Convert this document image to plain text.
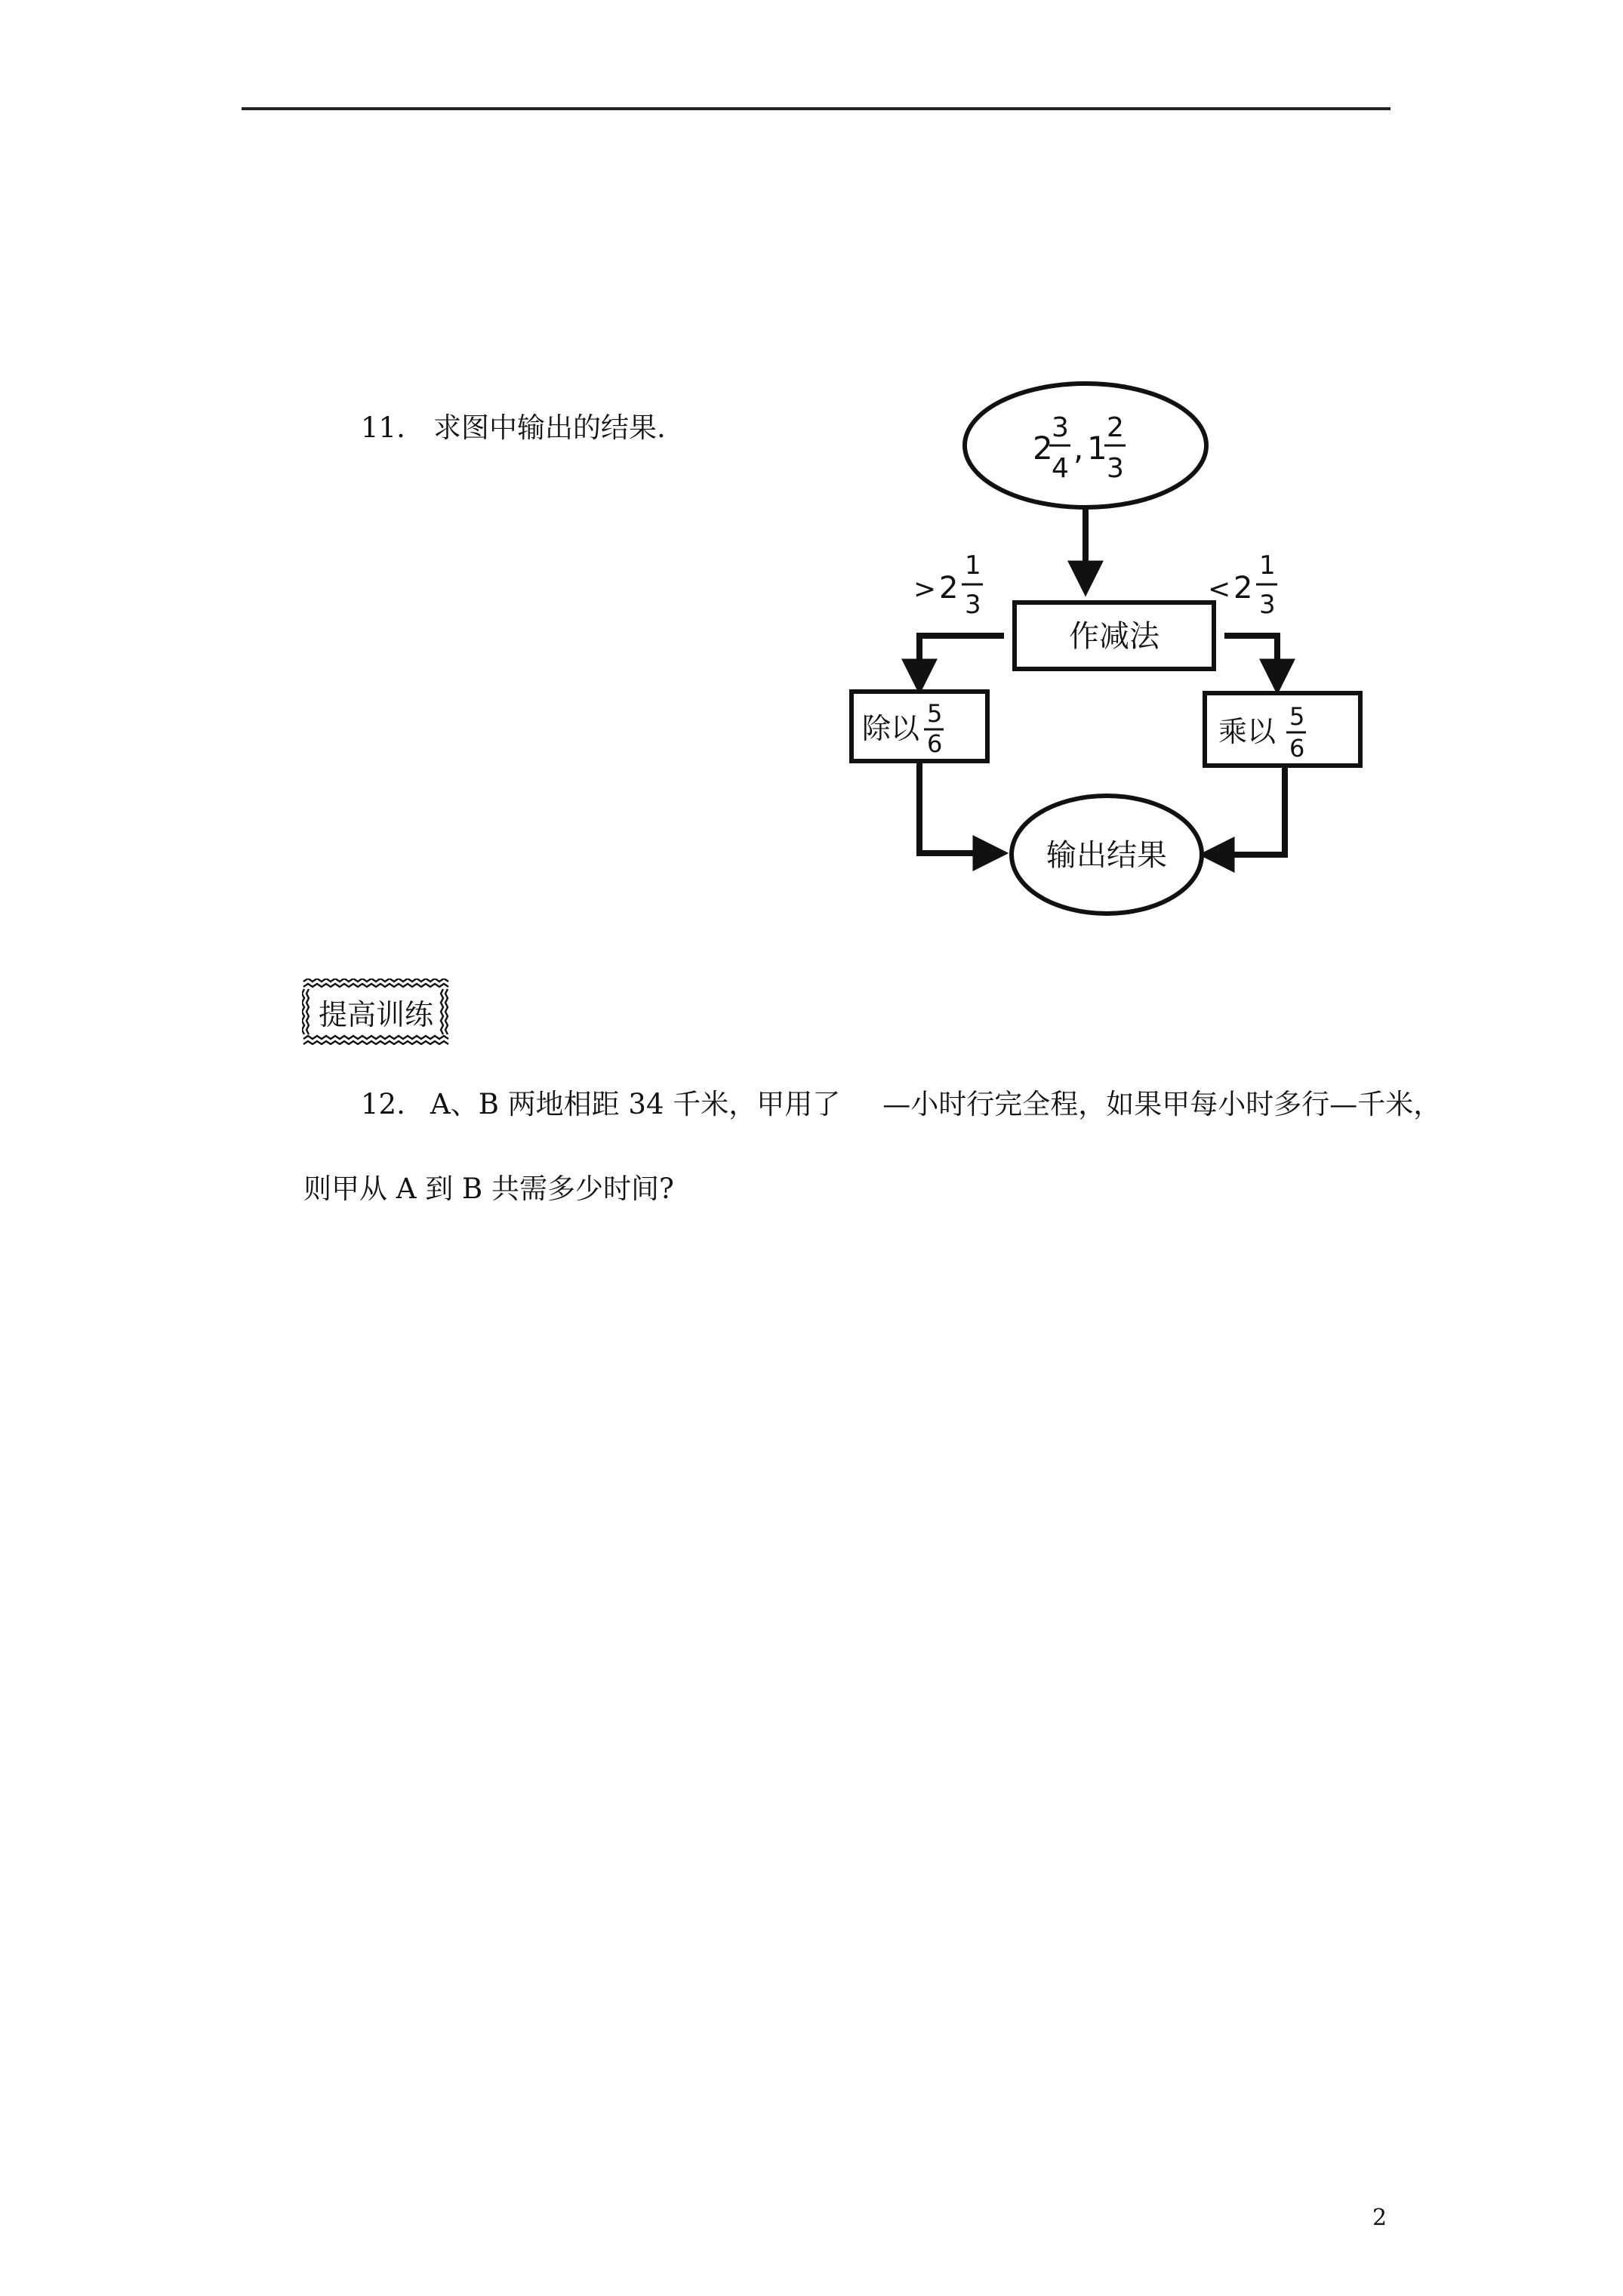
11. 求图中输出的结果.
2
3
4
, 1
2
3
作减法
> 2
1
3	< 2
1
3
除以 5
6	乘以 5
6
输出结果
提高训练
12. A、B 两地相距 34 千米，甲用了 —小时行完全程，如果甲每小时多行—千米，
则甲从 A 到 B 共需多少时间?
2
